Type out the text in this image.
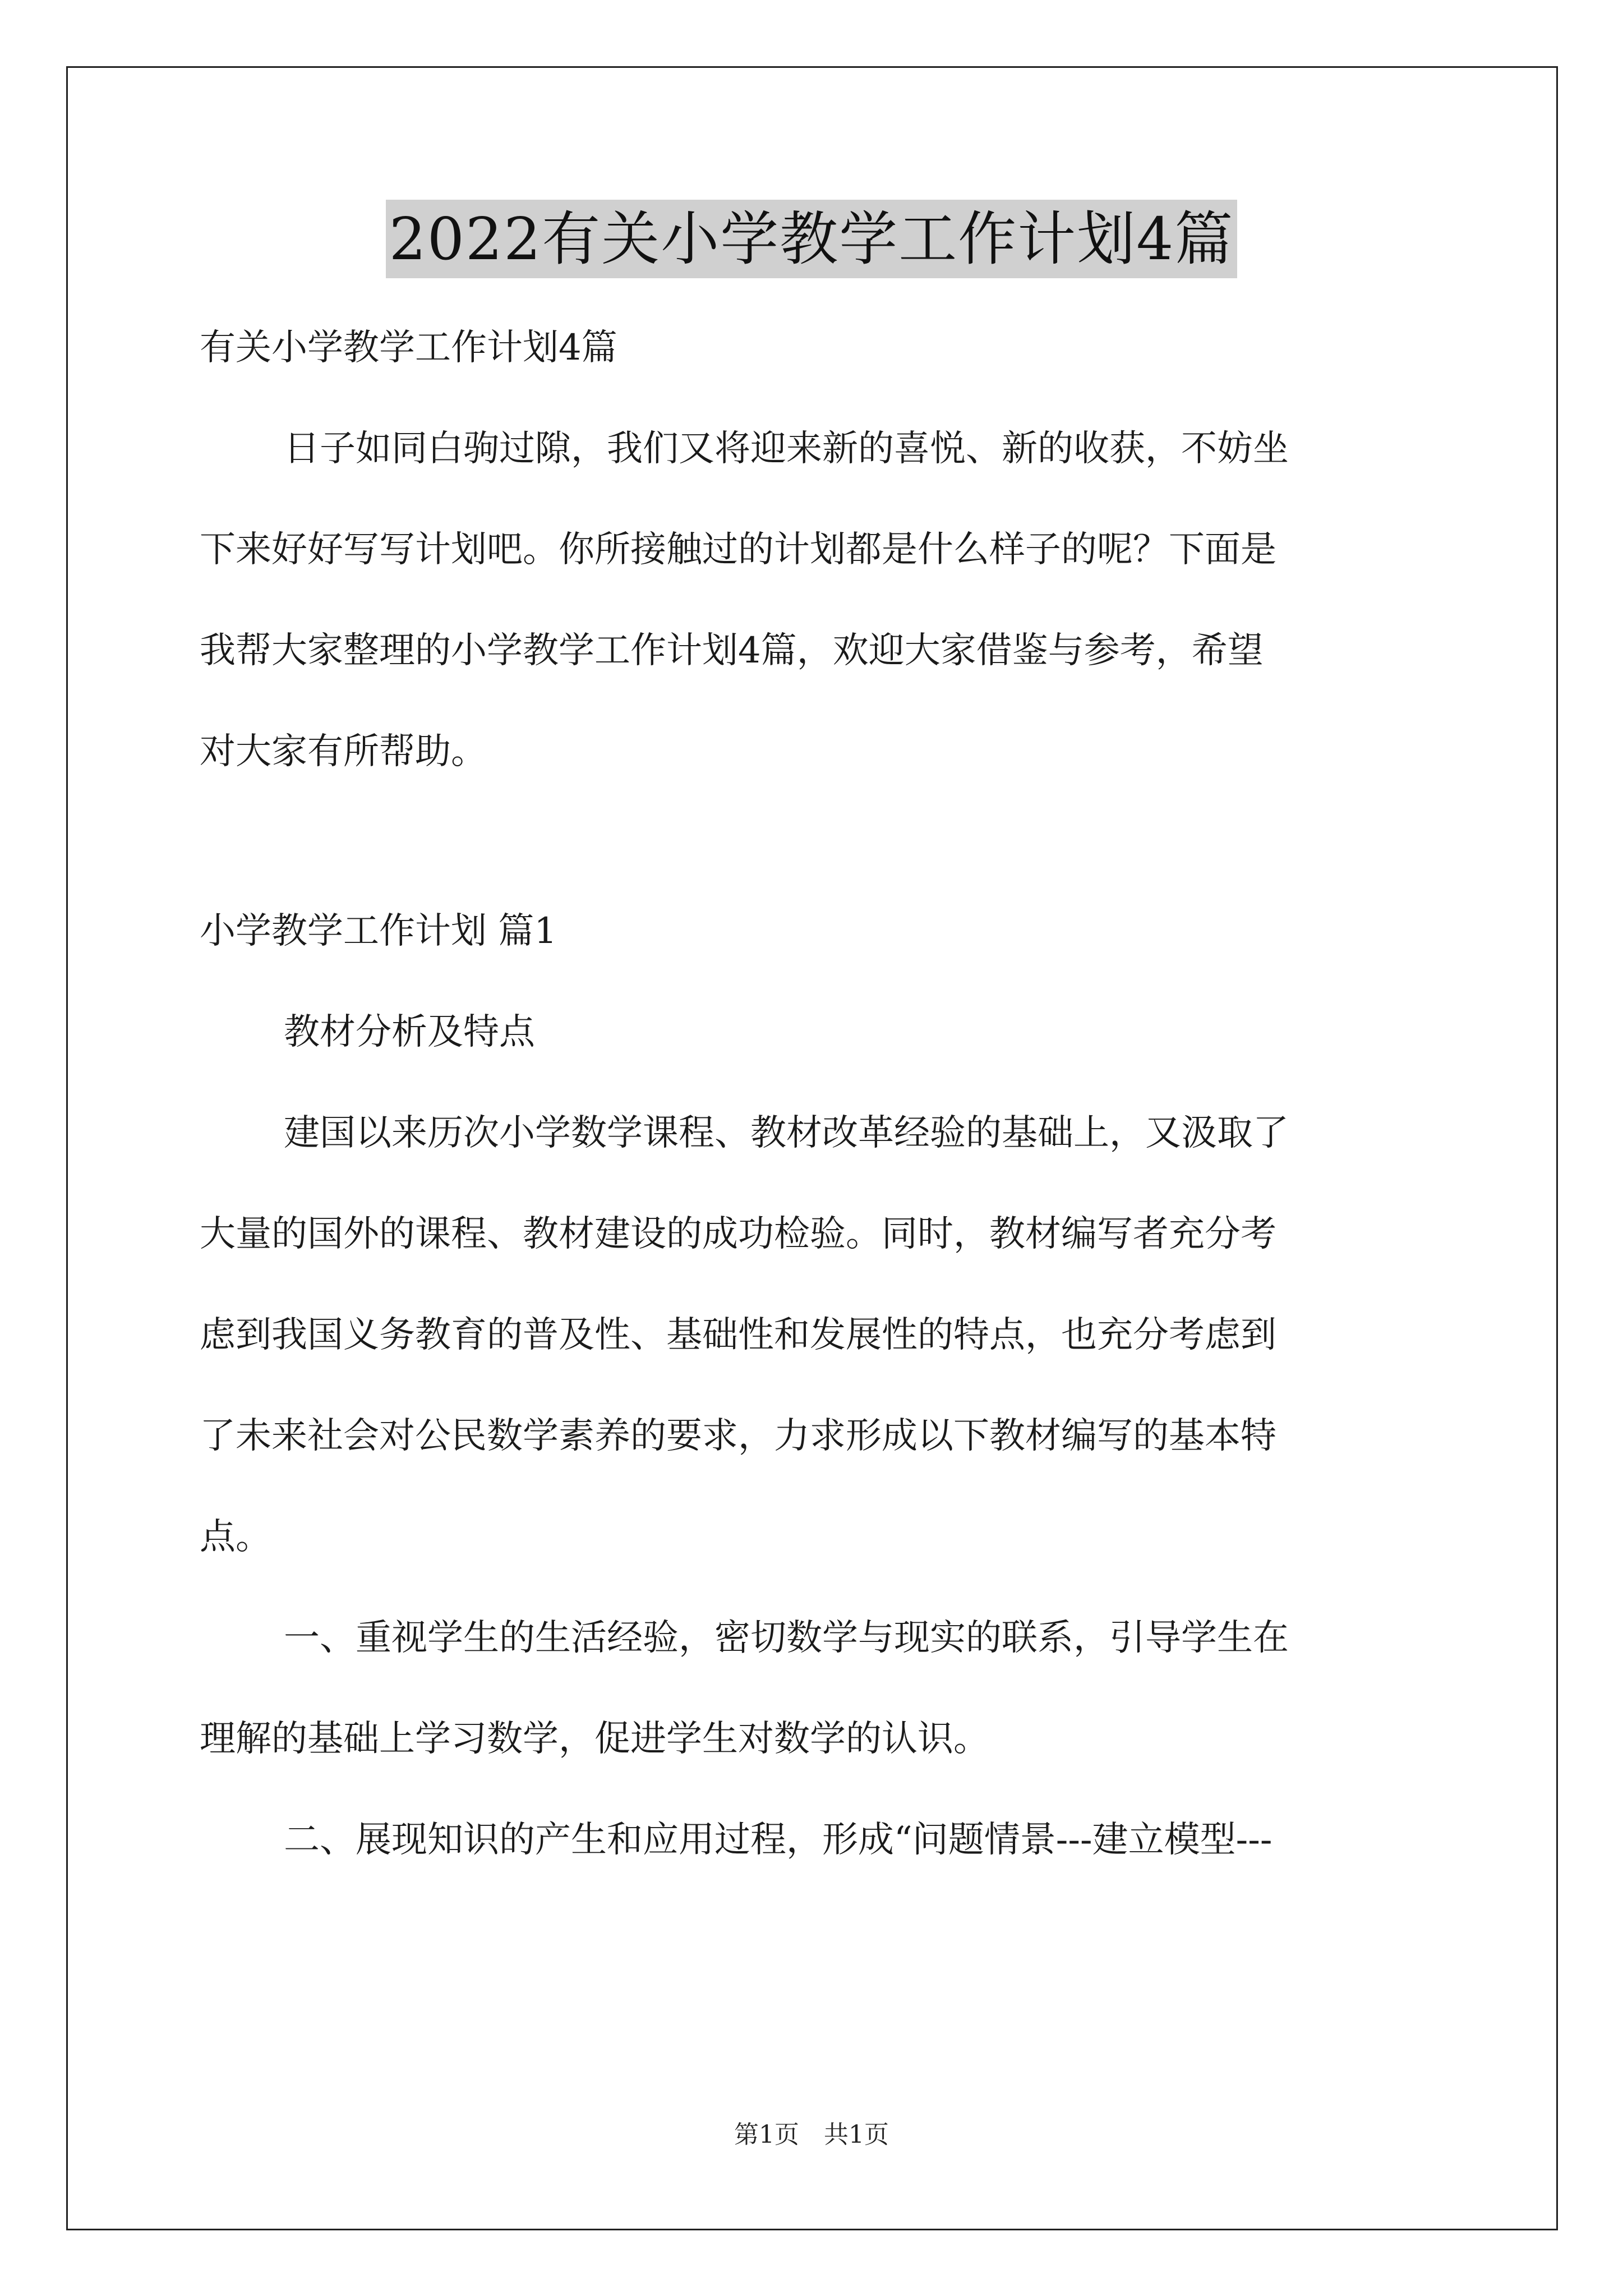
2022有关小学教学工作计划4篇

有关小学教学工作计划4篇

日子如同白驹过隙，我们又将迎来新的喜悦、新的收获，不妨坐

下来好好写写计划吧。你所接触过的计划都是什么样子的呢？下面是

我帮大家整理的小学教学工作计划4篇，欢迎大家借鉴与参考，希望

对大家有所帮助。

小学教学工作计划 篇1

教材分析及特点

建国以来历次小学数学课程、教材改革经验的基础上，又汲取了

大量的国外的课程、教材建设的成功检验。同时，教材编写者充分考

虑到我国义务教育的普及性、基础性和发展性的特点，也充分考虑到

了未来社会对公民数学素养的要求，力求形成以下教材编写的基本特

点。

一、重视学生的生活经验，密切数学与现实的联系，引导学生在

理解的基础上学习数学，促进学生对数学的认识。

二、展现知识的产生和应用过程，形成“问题情景---建立模型---

第1页 共1页
